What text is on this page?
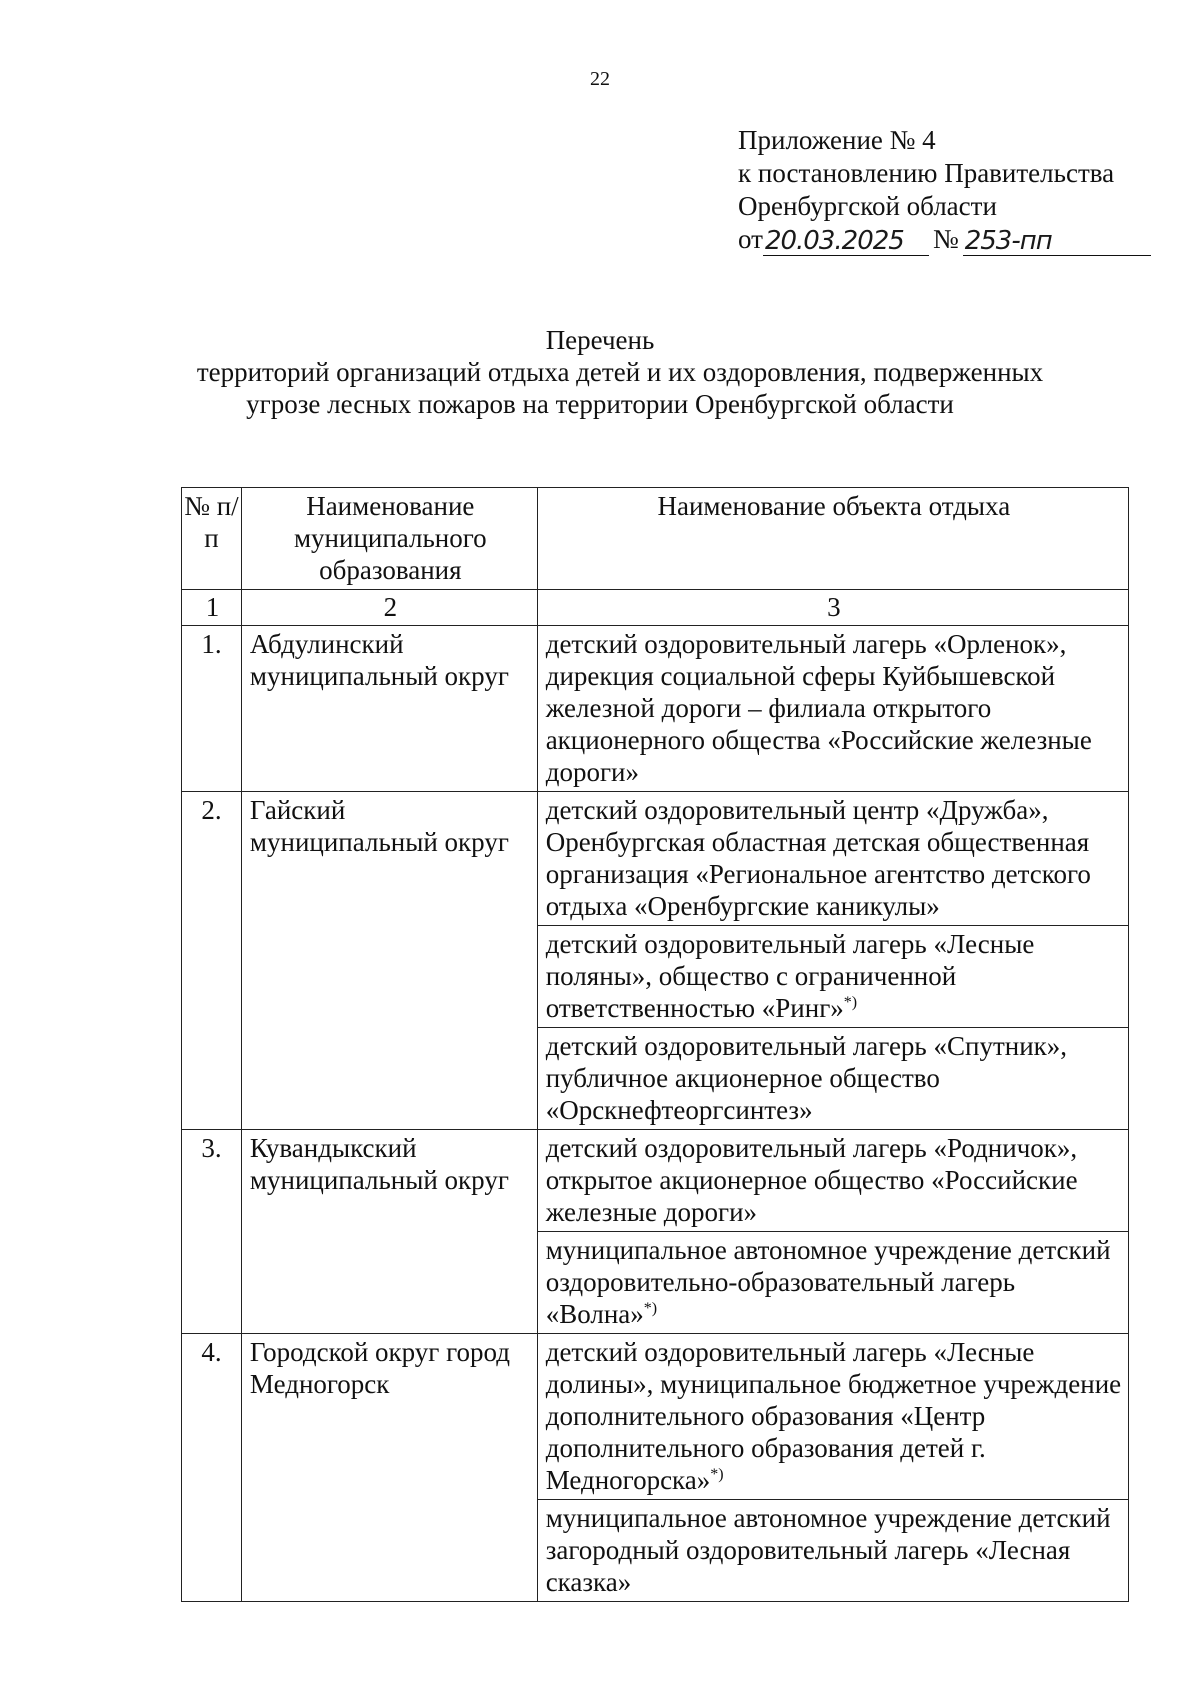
22
Приложение № 4
к постановлению Правительства
Оренбургской области
от 20.03.2025	№ 253-пп
Перечень
территорий организаций отдыха детей и их оздоровления, подверженных
угрозе лесных пожаров на территории Оренбургской области
№ п/п	Наименование муниципального образования	Наименование объекта отдыха
1	2	3
1.	Абдулинский муниципальный округ	детский оздоровительный лагерь «Орленок», дирекция социальной сферы Куйбышевской железной дороги – филиала открытого акционерного общества «Российские железные дороги»
2.	Гайский муниципальный округ	детский оздоровительный центр «Дружба», Оренбургская областная детская общественная организация «Региональное агентство детского отдыха «Оренбургские каникулы»
		детский оздоровительный лагерь «Лесные поляны», общество с ограниченной ответственностью «Ринг»*)
		детский оздоровительный лагерь «Спутник», публичное акционерное общество «Орскнефтеоргсинтез»
3.	Кувандыкский муниципальный округ	детский оздоровительный лагерь «Родничок», открытое акционерное общество «Российские железные дороги»
		муниципальное автономное учреждение детский оздоровительно-образовательный лагерь «Волна»*)
4.	Городской округ город Медногорск	детский оздоровительный лагерь «Лесные долины», муниципальное бюджетное учреждение дополнительного образования «Центр дополнительного образования детей г. Медногорска»*)
		муниципальное автономное учреждение детский загородный оздоровительный лагерь «Лесная сказка»
